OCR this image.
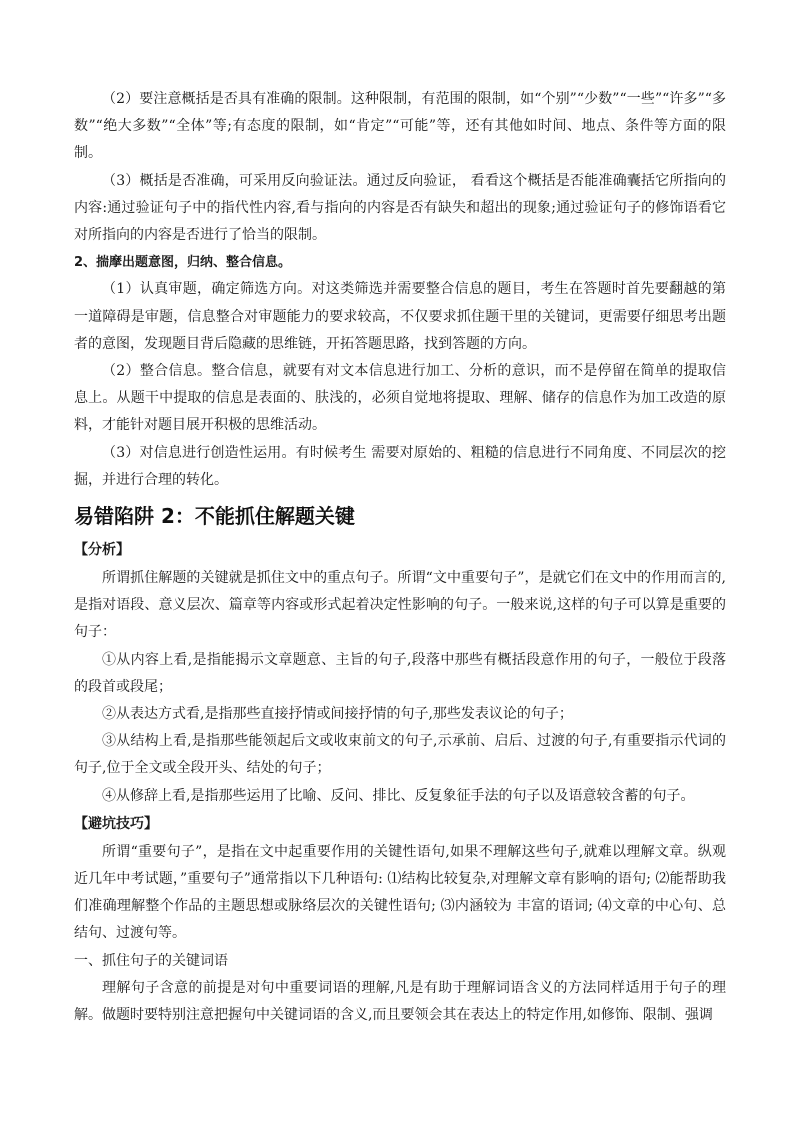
（2）要注意概括是否具有准确的限制。这种限制，有范围的限制，如“个别”“少数”“一些”“许多”“多数”“绝大多数”“全体”等;有态度的限制，如“肯定”“可能”等，还有其他如时间、地点、条件等方面的限制。

（3）概括是否准确，可采用反向验证法。通过反向验证， 看看这个概括是否能准确囊括它所指向的内容:通过验证句子中的指代性内容,看与指向的内容是否有缺失和超出的现象;通过验证句子的修饰语看它对所指向的内容是否进行了恰当的限制。

2、揣摩出题意图，归纳、整合信息。

（1）认真审题，确定筛选方向。对这类筛选并需要整合信息的题目，考生在答题时首先要翻越的第一道障碍是审题，信息整合对审题能力的要求较高，不仅要求抓住题干里的关键词，更需要仔细思考出题者的意图，发现题目背后隐藏的思维链，开拓答题思路，找到答题的方向。

（2）整合信息。整合信息，就要有对文本信息进行加工、分析的意识，而不是停留在简单的提取信息上。从题干中提取的信息是表面的、肤浅的，必须自觉地将提取、理解、储存的信息作为加工改造的原料，才能针对题目展开积极的思维活动。

（3）对信息进行创造性运用。有时候考生 需要对原始的、粗糙的信息进行不同角度、不同层次的挖掘，并进行合理的转化。

易错陷阱 2：不能抓住解题关键

【分析】

所谓抓住解题的关键就是抓住文中的重点句子。所谓“文中重要句子”，是就它们在文中的作用而言的,是指对语段、意义层次、篇章等内容或形式起着决定性影响的句子。一般来说,这样的句子可以算是重要的句子：

①从内容上看,是指能揭示文章题意、主旨的句子,段落中那些有概括段意作用的句子，一般位于段落的段首或段尾；

②从表达方式看,是指那些直接抒情或间接抒情的句子,那些发表议论的句子；

③从结构上看,是指那些能领起后文或收束前文的句子,示承前、启后、过渡的句子,有重要指示代词的句子,位于全文或全段开头、结处的句子；

④从修辞上看,是指那些运用了比喻、反问、排比、反复象征手法的句子以及语意较含蓄的句子。

【避坑技巧】

所谓“重要句子”，是指在文中起重要作用的关键性语句,如果不理解这些句子,就难以理解文章。纵观近几年中考试题，”重要句子”通常指以下几种语句: ⑴结构比较复杂,对理解文章有影响的语句; ⑵能帮助我们准确理解整个作品的主题思想或脉络层次的关键性语句; ⑶内涵较为 丰富的语词; ⑷文章的中心句、总结句、过渡句等。

一、抓住句子的关键词语

理解句子含意的前提是对句中重要词语的理解,凡是有助于理解词语含义的方法同样适用于句子的理解。做题时要特别注意把握句中关键词语的含义,而且要领会其在表达上的特定作用,如修饰、限制、强调
